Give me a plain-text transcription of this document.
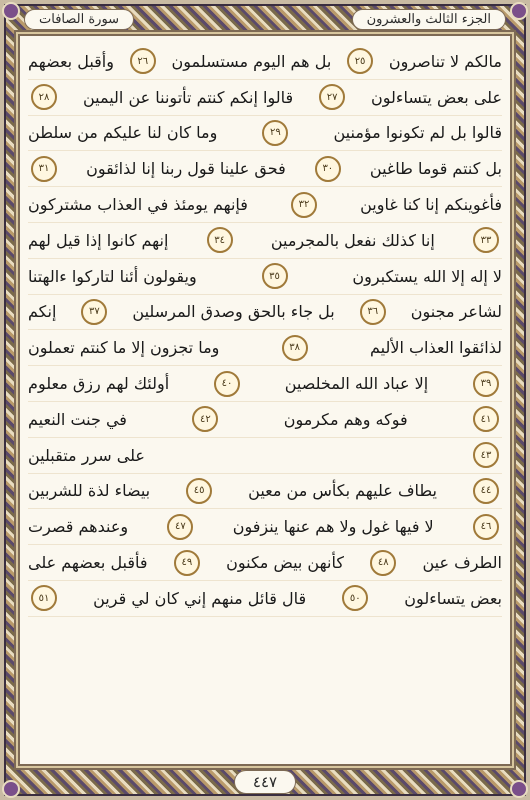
سورة الصافات	الجزء الثالث والعشرون
مالكم لا تناصرون
٢٥
بل هم اليوم مستسلمون
٢٦
وأقبل بعضهم
على بعض يتساءلون
٢٧
قالوا إنكم كنتم تأتوننا عن اليمين
٢٨
قالوا بل لم تكونوا مؤمنين
٢٩
وما كان لنا عليكم من سلطن
بل كنتم قوما طاغين
٣٠
فحق علينا قول ربنا إنا لذائقون
٣١
فأغوينكم إنا كنا غاوين
٣٢
فإنهم يومئذ في العذاب مشتركون
٣٣
إنا كذلك نفعل بالمجرمين
٣٤
إنهم كانوا إذا قيل لهم
لا إله إلا الله يستكبرون
٣٥
ويقولون أئنا لتاركوا ءالهتنا
لشاعر مجنون
٣٦
بل جاء بالحق وصدق المرسلين
٣٧
إنكم
لذائقوا العذاب الأليم
٣٨
وما تجزون إلا ما كنتم تعملون
٣٩
إلا عباد الله المخلصين
٤٠
أولئك لهم رزق معلوم
٤١
فوكه وهم مكرمون
٤٢
في جنت النعيم
٤٣
على سرر متقبلين
٤٤
يطاف عليهم بكأس من معين
٤٥
بيضاء لذة للشربين
٤٦
لا فيها غول ولا هم عنها ينزفون
٤٧
وعندهم قصرت
الطرف عين
٤٨
كأنهن بيض مكنون
٤٩
فأقبل بعضهم على
بعض يتساءلون
٥٠
قال قائل منهم إني كان لي قرين
٥١
٤٤٧
